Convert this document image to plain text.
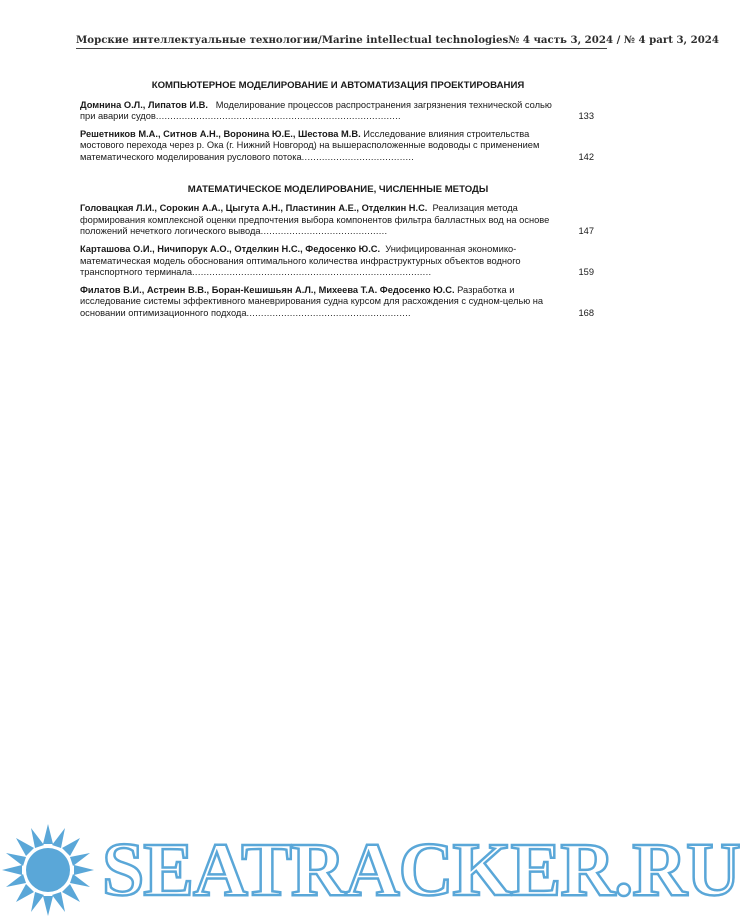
Морские интеллектуальные технологии/Marine intellectual technologies № 4 часть 3, 2024 / № 4 part 3, 2024
КОМПЬЮТЕРНОЕ МОДЕЛИРОВАНИЕ И АВТОМАТИЗАЦИЯ ПРОЕКТИРОВАНИЯ
Домнина О.Л., Липатов И.В. Моделирование процессов распространения загрязнения технической солью при аварии судов.....................................................................................	133
Решетников М.А., Ситнов А.Н., Воронина Ю.Е., Шестова М.В. Исследование влияния строительства мостового перехода через р. Ока (г. Нижний Новгород) на вышерасположенные водоводы с применением математического моделирования руслового потока.......................................	142
МАТЕМАТИЧЕСКОЕ МОДЕЛИРОВАНИЕ, ЧИСЛЕННЫЕ МЕТОДЫ
Головацкая Л.И., Сорокин А.А., Цыгута А.Н., Пластинин А.Е., Отделкин Н.С. Реализация метода формирования комплексной оценки предпочтения выбора компонентов фильтра балластных вод на основе положений нечеткого логического вывода............................................	147
Карташова О.И., Ничипорук А.О., Отделкин Н.С., Федосенко Ю.С. Унифицированная экономико-математическая модель обоснования оптимального количества инфраструктурных объектов водного транспортного терминала...................................................................................	159
Филатов В.И., Астреин В.В., Боран-Кешишьян А.Л., Михеева Т.А. Федосенко Ю.С. Разработка и исследование системы эффективного маневрирования судна курсом для расхождения с судном-целью на основании оптимизационного подхода.........................................................	168
SEATRACKER.RU
